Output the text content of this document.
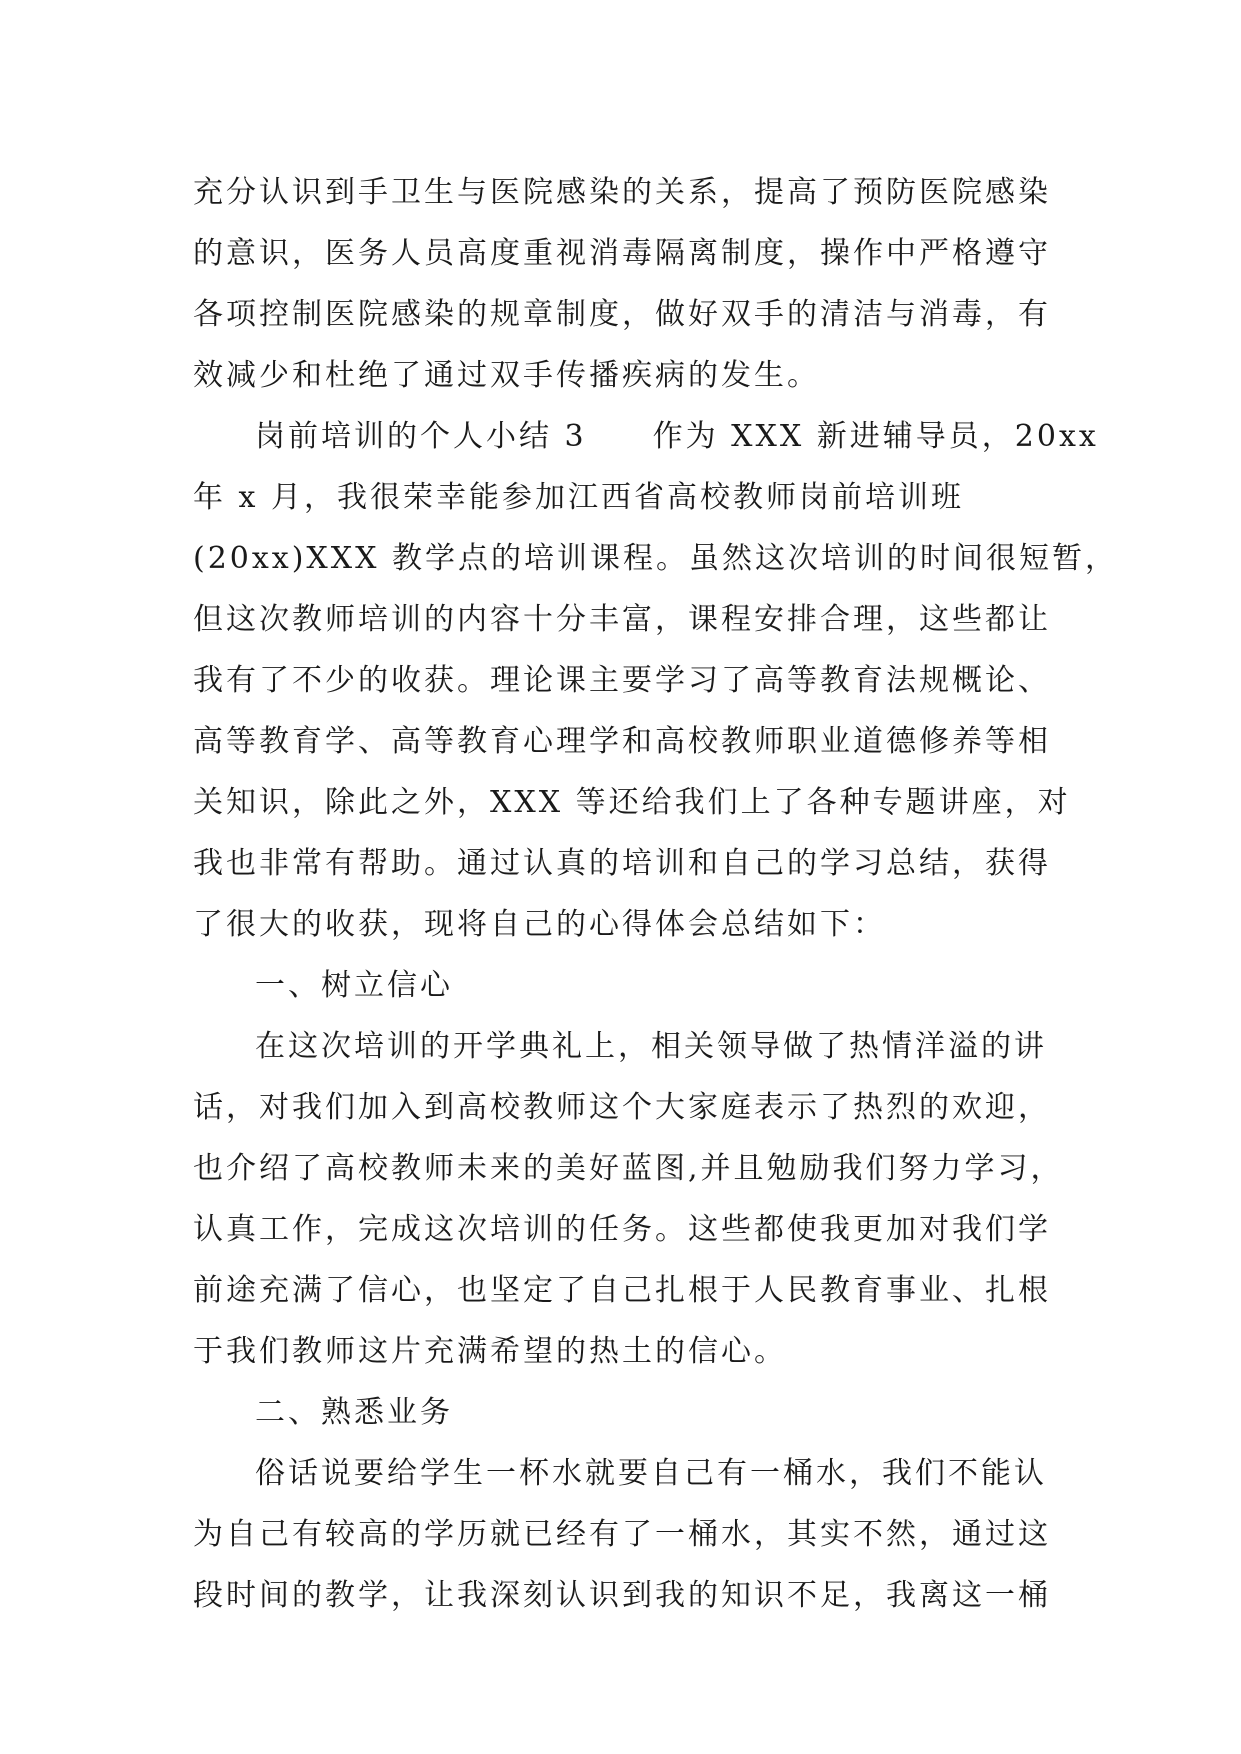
充分认识到手卫生与医院感染的关系，提高了预防医院感染
的意识，医务人员高度重视消毒隔离制度，操作中严格遵守
各项控制医院感染的规章制度，做好双手的清洁与消毒，有
效减少和杜绝了通过双手传播疾病的发生。
岗前培训的个人小结 3　　作为 XXX 新进辅导员，20xx
年 x 月，我很荣幸能参加江西省高校教师岗前培训班
(20xx)XXX 教学点的培训课程。虽然这次培训的时间很短暂，
但这次教师培训的内容十分丰富，课程安排合理，这些都让
我有了不少的收获。理论课主要学习了高等教育法规概论、
高等教育学、高等教育心理学和高校教师职业道德修养等相
关知识，除此之外，XXX 等还给我们上了各种专题讲座，对
我也非常有帮助。通过认真的培训和自己的学习总结，获得
了很大的收获，现将自己的心得体会总结如下：
一、树立信心
在这次培训的开学典礼上，相关领导做了热情洋溢的讲
话，对我们加入到高校教师这个大家庭表示了热烈的欢迎，
也介绍了高校教师未来的美好蓝图,并且勉励我们努力学习，
认真工作，完成这次培训的任务。这些都使我更加对我们学
前途充满了信心，也坚定了自己扎根于人民教育事业、扎根
于我们教师这片充满希望的热土的信心。
二、熟悉业务
俗话说要给学生一杯水就要自己有一桶水，我们不能认
为自己有较高的学历就已经有了一桶水，其实不然，通过这
段时间的教学，让我深刻认识到我的知识不足，我离这一桶
